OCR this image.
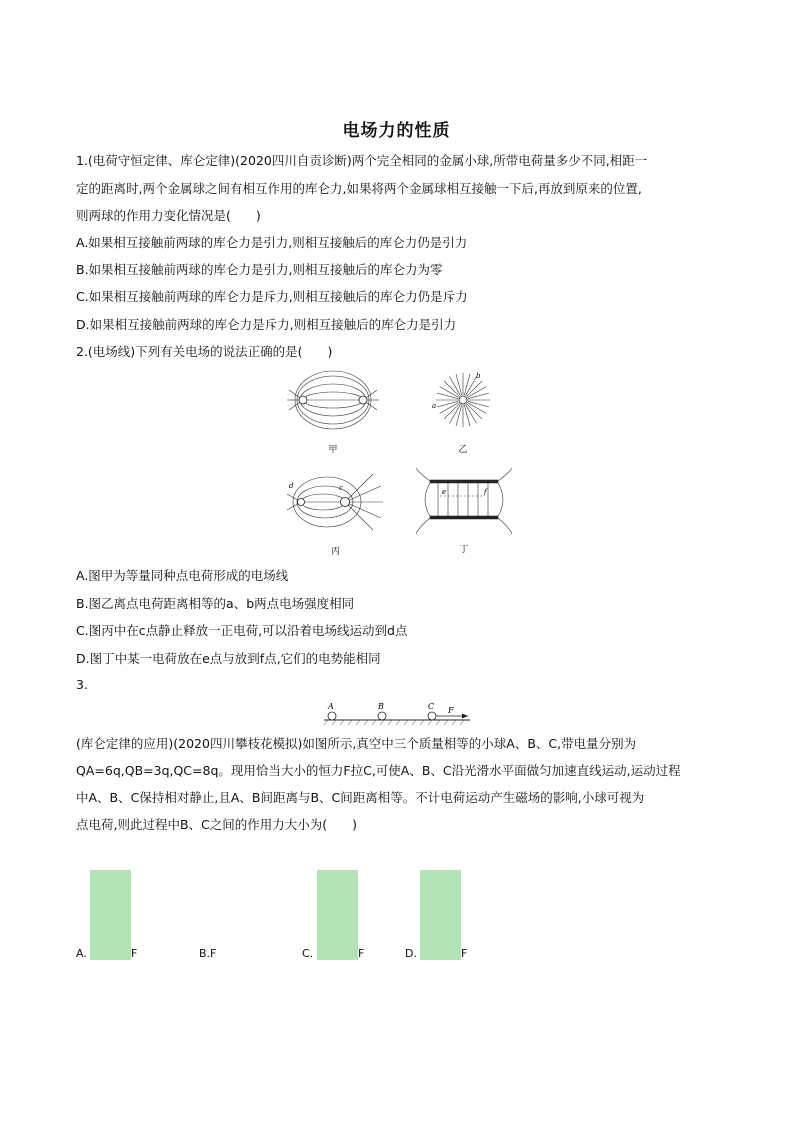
电场力的性质
1.(电荷守恒定律、库仑定律)(2020四川自贡诊断)两个完全相同的金属小球,所带电荷量多少不同,相距一
定的距离时,两个金属球之间有相互作用的库仑力,如果将两个金属球相互接触一下后,再放到原来的位置,
则两球的作用力变化情况是(　　)
A.如果相互接触前两球的库仑力是引力,则相互接触后的库仑力仍是引力
B.如果相互接触前两球的库仑力是引力,则相互接触后的库仑力为零
C.如果相互接触前两球的库仑力是斥力,则相互接触后的库仑力仍是斥力
D.如果相互接触前两球的库仑力是斥力,则相互接触后的库仑力是引力
2.(电场线)下列有关电场的说法正确的是(　　)
甲
a
b
乙
d	c
丙
e	f
丁
A.图甲为等量同种点电荷形成的电场线
B.图乙离点电荷距离相等的a、b两点电场强度相同
C.图丙中在c点静止释放一正电荷,可以沿着电场线运动到d点
D.图丁中某一电荷放在e点与放到f点,它们的电势能相同
3.
A	B	C F
(库仑定律的应用)(2020四川攀枝花模拟)如图所示,真空中三个质量相等的小球A、B、C,带电量分别为
QA=6q,QB=3q,QC=8q。现用恰当大小的恒力F拉C,可使A、B、C沿光滑水平面做匀加速直线运动,运动过程
中A、B、C保持相对静止,且A、B间距离与B、C间距离相等。不计电荷运动产生磁场的影响,小球可视为
点电荷,则此过程中B、C之间的作用力大小为(　　)
A.	F	B.F	C.	F	D.	F
